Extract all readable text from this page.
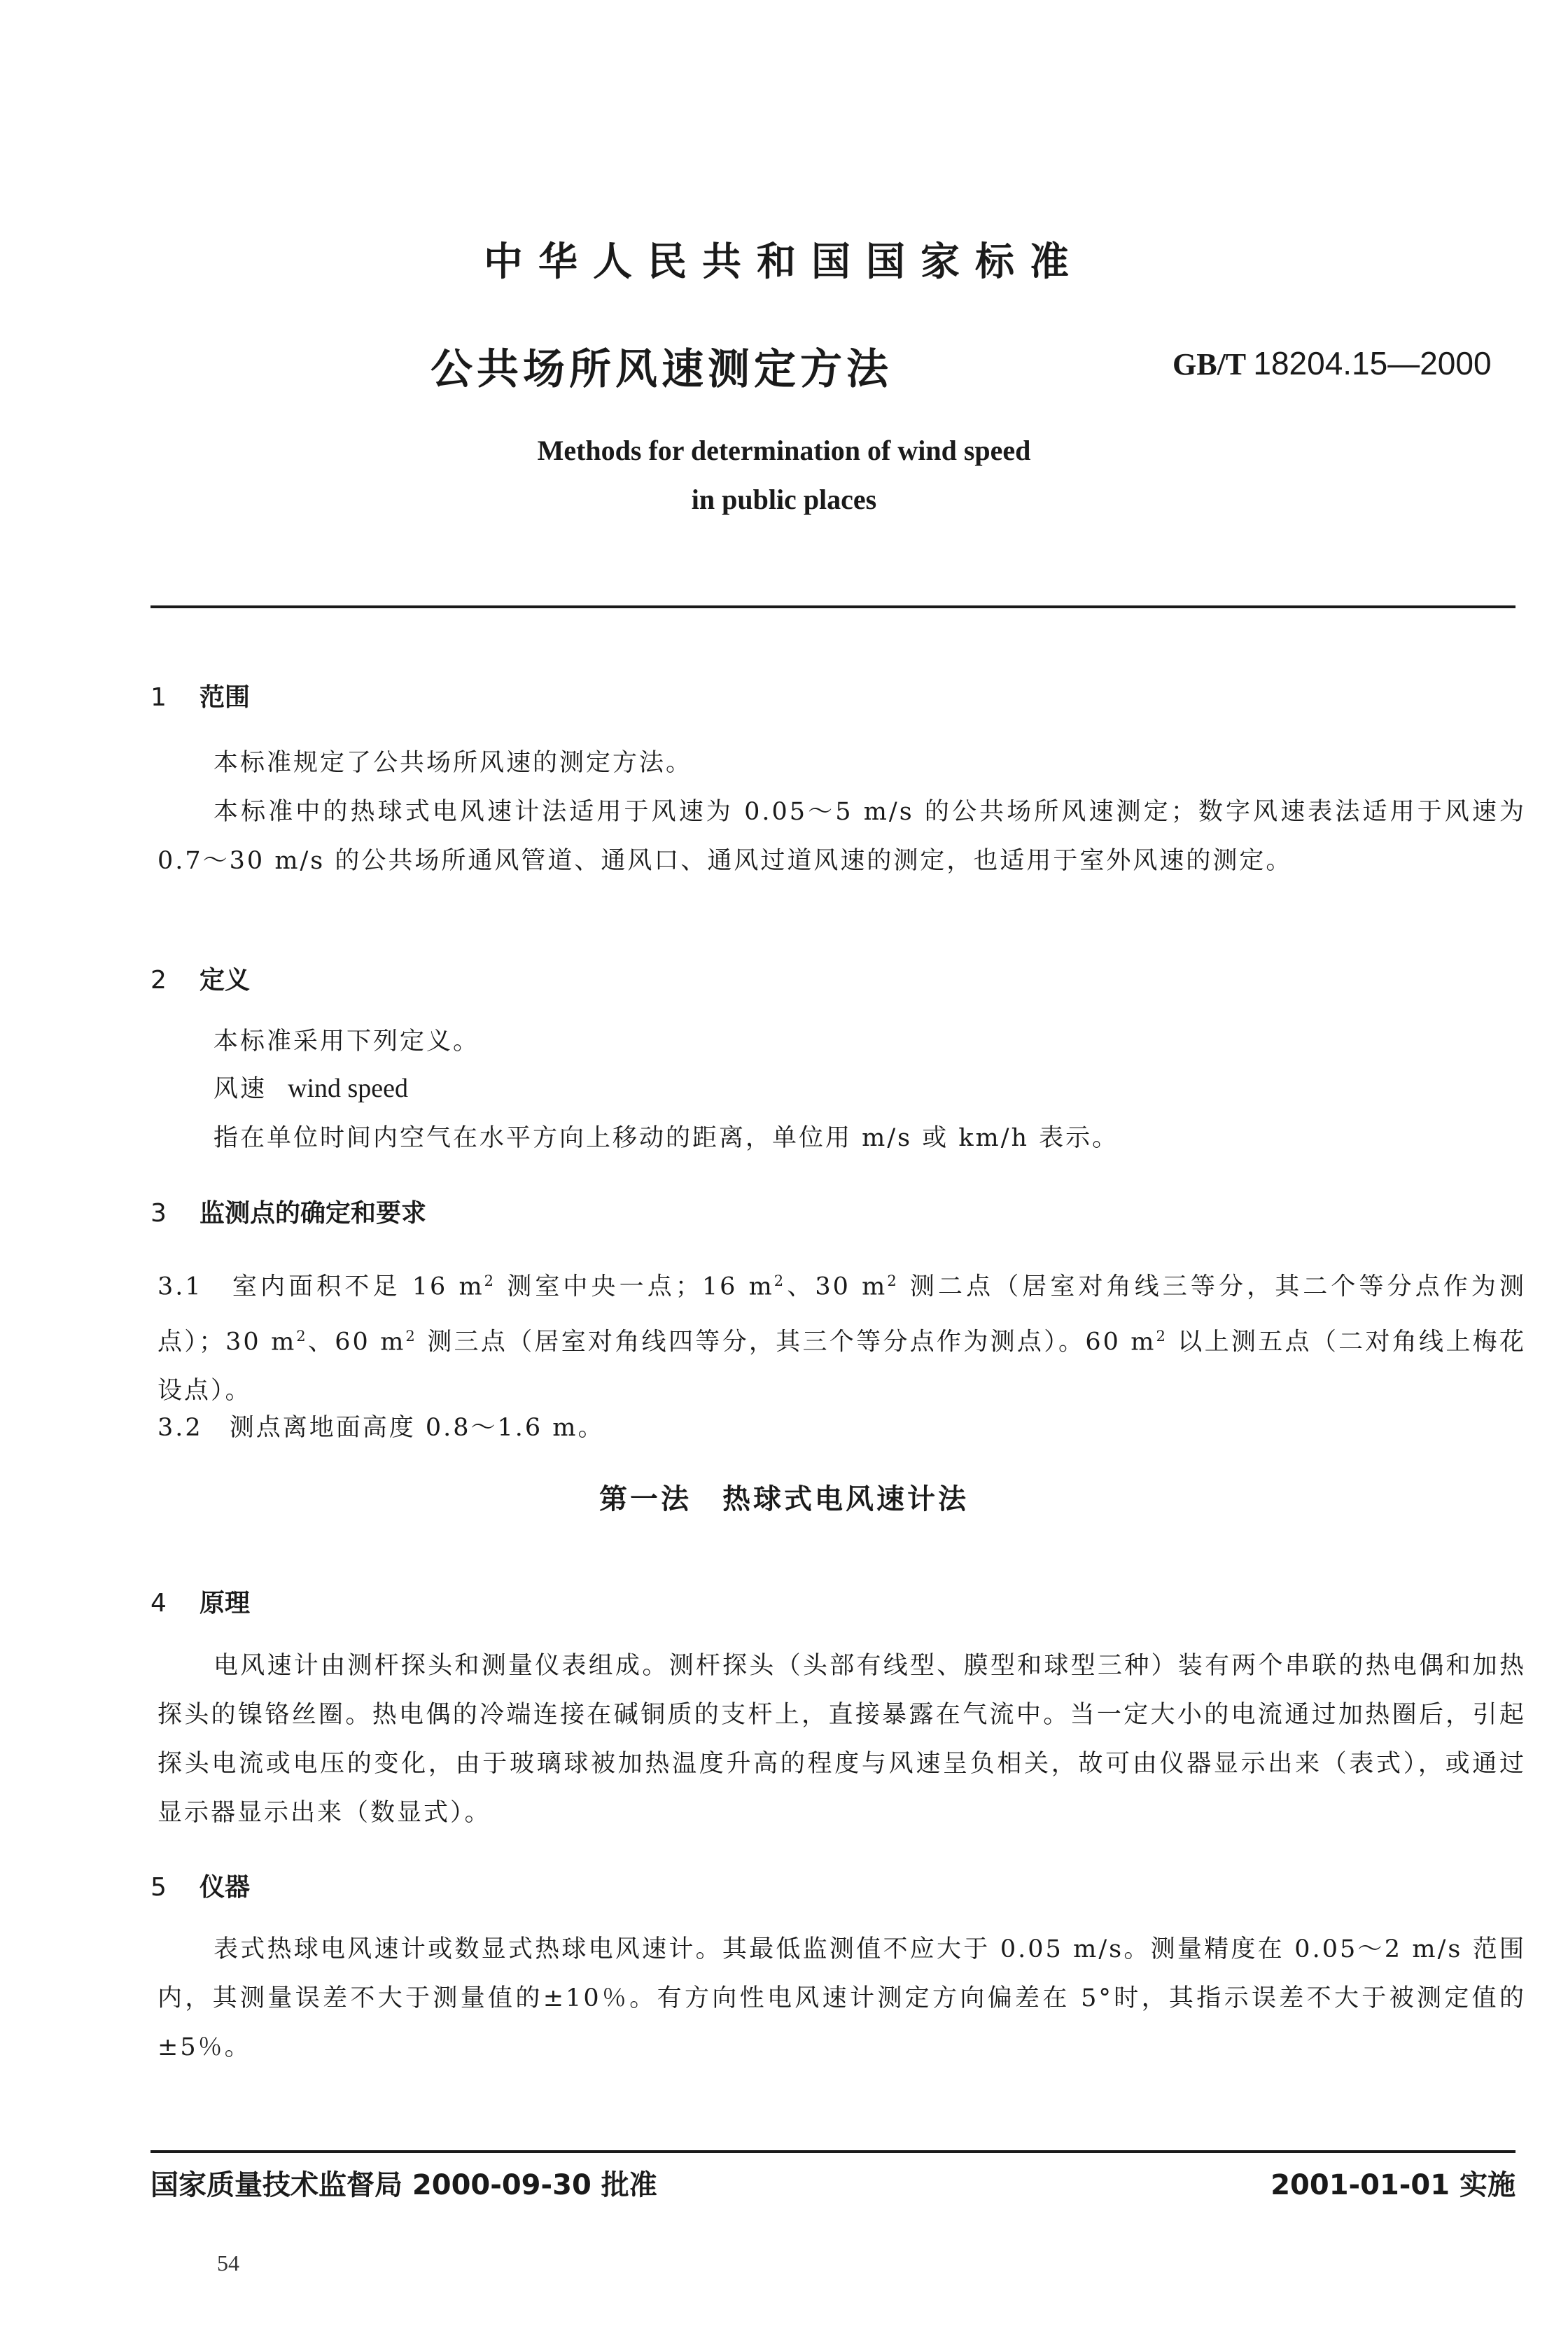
中华人民共和国国家标准
公共场所风速测定方法	GB/T 18204.15—2000
Methods for determination of wind speed
in public places
1 范围
本标准规定了公共场所风速的测定方法。
本标准中的热球式电风速计法适用于风速为 0.05～5 m/s 的公共场所风速测定；数字风速表法适用于风速为 0.7～30 m/s 的公共场所通风管道、通风口、通风过道风速的测定，也适用于室外风速的测定。
2 定义
本标准采用下列定义。
风速 wind speed
指在单位时间内空气在水平方向上移动的距离，单位用 m/s 或 km/h 表示。
3 监测点的确定和要求
3.1　 室内面积不足 16 $m^2$ 测室中央一点；16 $m^2$、30 $m^2$ 测二点（居室对角线三等分，其二个等分点作为测点）；30 $m^2$、60 $m^2$ 测三点（居室对角线四等分，其三个等分点作为测点）。60 $m^2$ 以上测五点（二对角线上梅花设点）。
3.2　 测点离地面高度 0.8～1.6 m。
第一法　热球式电风速计法
4 原理
电风速计由测杆探头和测量仪表组成。测杆探头（头部有线型、膜型和球型三种）装有两个串联的热电偶和加热探头的镍铬丝圈。热电偶的冷端连接在碱铜质的支杆上，直接暴露在气流中。当一定大小的电流通过加热圈后，引起探头电流或电压的变化，由于玻璃球被加热温度升高的程度与风速呈负相关，故可由仪器显示出来（表式），或通过显示器显示出来（数显式）。
5 仪器
表式热球电风速计或数显式热球电风速计。其最低监测值不应大于 0.05 m/s。测量精度在 0.05～2 m/s 范围内，其测量误差不大于测量值的±10％。有方向性电风速计测定方向偏差在 5°时，其指示误差不大于被测定值的±5％。
国家质量技术监督局 2000-09-30 批准	2001-01-01 实施
54
